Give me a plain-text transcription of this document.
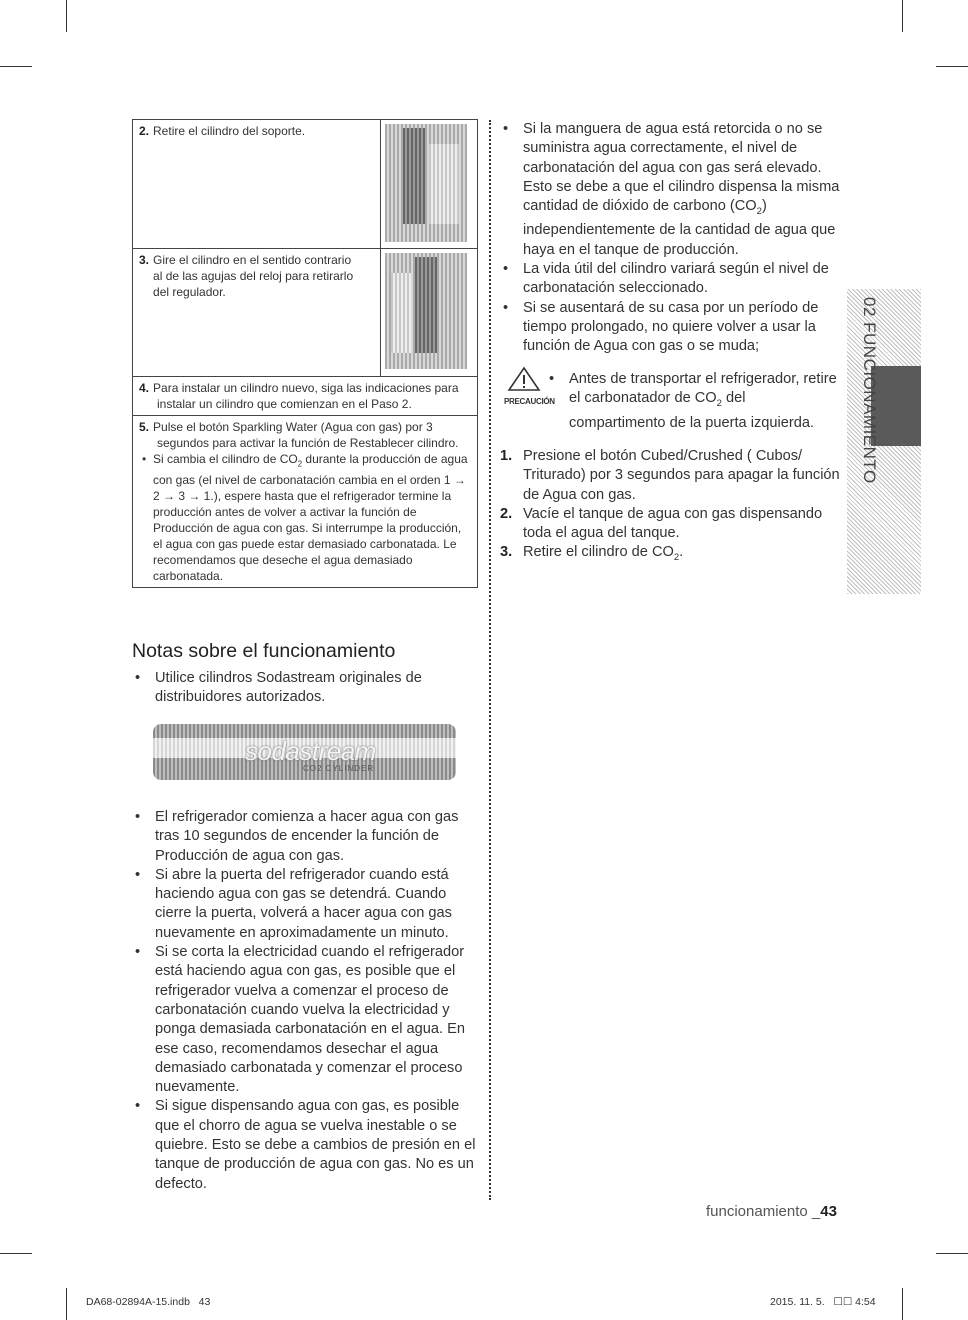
2. Retire el cilindro del soporte.	

3. Gire el cilindro en el sentido contrario al de las agujas del reloj para retirarlo del regulador.	

4. Para instalar un cilindro nuevo, siga las indicaciones para instalar un cilindro que comienzan en el Paso 2.	

5. Pulse el botón Sparkling Water (Agua con gas) por 3 segundos para activar la función de Restablecer cilindro.
• Si cambia el cilindro de $CO_2$ durante la producción de agua con gas (el nivel de carbonatación cambia en el orden 1 → 2 → 3 → 1.), espere hasta que el refrigerador termine la producción antes de volver a activar la función de Producción de agua con gas. Si interrumpe la producción, el agua con gas puede estar demasiado carbonatada. Le recomendamos que deseche el agua demasiado carbonatada.
Notas sobre el funcionamiento
• Utilice cilindros Sodastream originales de distribuidores autorizados.
sodastream
CO2 CYLINDER
• El refrigerador comienza a hacer agua con gas tras 10 segundos de encender la función de Producción de agua con gas.
• Si abre la puerta del refrigerador cuando está haciendo agua con gas se detendrá. Cuando cierre la puerta, volverá a hacer agua con gas nuevamente en aproximadamente un minuto.
• Si se corta la electricidad cuando el refrigerador está haciendo agua con gas, es posible que el refrigerador vuelva a comenzar el proceso de carbonatación cuando vuelva la electricidad y ponga demasiada carbonatación en el agua. En ese caso, recomendamos desechar el agua demasiado carbonatada y comenzar el proceso nuevamente.
• Si sigue dispensando agua con gas, es posible que el chorro de agua se vuelva inestable o se quiebre. Esto se debe a cambios de presión en el tanque de producción de agua con gas. No es un defecto.
• Si la manguera de agua está retorcida o no se suministra agua correctamente, el nivel de carbonatación del agua con gas será elevado. Esto se debe a que el cilindro dispensa la misma cantidad de dióxido de carbono $(CO_2)$ independientemente de la cantidad de agua que haya en el tanque de producción.
• La vida útil del cilindro variará según el nivel de carbonatación seleccionado.
• Si se ausentará de su casa por un período de tiempo prolongado, no quiere volver a usar la función de Agua con gas o se muda;
PRECAUCIÓN
• Antes de transportar el refrigerador, retire el carbonatador de $CO_2$ del compartimento de la puerta izquierda.
1. Presione el botón Cubed/Crushed ( Cubos/ Triturado) por 3 segundos para apagar la función de Agua con gas.
2. Vacíe el tanque de agua con gas dispensando toda el agua del tanque.
3. Retire el cilindro de $CO_2$.
02 FUNCIONAMIENTO
funcionamiento _43
DA68-02894A-15.indb   43	2015. 11. 5.   ☐☐ 4:54
